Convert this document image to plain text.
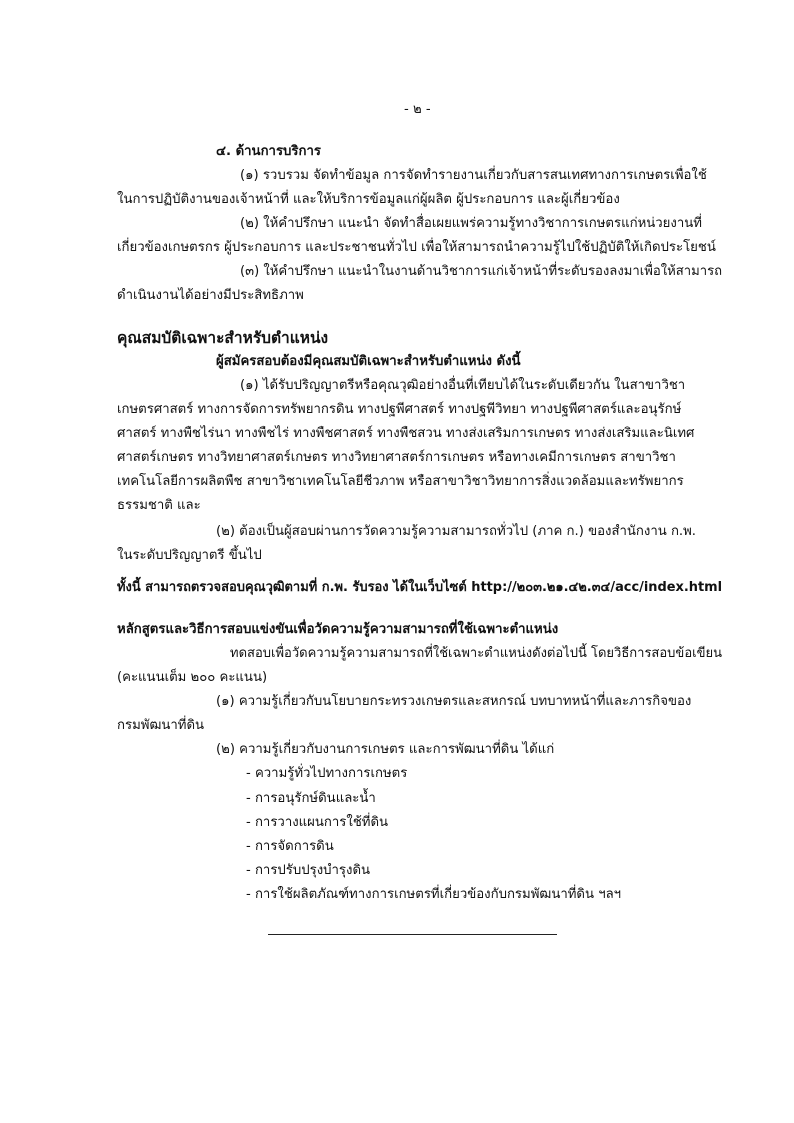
- ๒ -
๔. ด้านการบริการ
(๑) รวบรวม จัดทำข้อมูล การจัดทำรายงานเกี่ยวกับสารสนเทศทางการเกษตรเพื่อใช้
ในการปฏิบัติงานของเจ้าหน้าที่ และให้บริการข้อมูลแก่ผู้ผลิต ผู้ประกอบการ และผู้เกี่ยวข้อง
(๒) ให้คำปรึกษา แนะนำ จัดทำสื่อเผยแพร่ความรู้ทางวิชาการเกษตรแก่หน่วยงานที่
เกี่ยวข้องเกษตรกร ผู้ประกอบการ และประชาชนทั่วไป เพื่อให้สามารถนำความรู้ไปใช้ปฏิบัติให้เกิดประโยชน์
(๓) ให้คำปรึกษา แนะนำในงานด้านวิชาการแก่เจ้าหน้าที่ระดับรองลงมาเพื่อให้สามารถ
ดำเนินงานได้อย่างมีประสิทธิภาพ
คุณสมบัติเฉพาะสำหรับตำแหน่ง
ผู้สมัครสอบต้องมีคุณสมบัติเฉพาะสำหรับตำแหน่ง ดังนี้
(๑) ได้รับปริญญาตรีหรือคุณวุฒิอย่างอื่นที่เทียบได้ในระดับเดียวกัน ในสาขาวิชา
เกษตรศาสตร์ ทางการจัดการทรัพยากรดิน ทางปฐพีศาสตร์ ทางปฐพีวิทยา ทางปฐพีศาสตร์และอนุรักษ์
ศาสตร์ ทางพืชไร่นา ทางพืชไร่ ทางพืชศาสตร์ ทางพืชสวน ทางส่งเสริมการเกษตร ทางส่งเสริมและนิเทศ
ศาสตร์เกษตร ทางวิทยาศาสตร์เกษตร ทางวิทยาศาสตร์การเกษตร หรือทางเคมีการเกษตร สาขาวิชา
เทคโนโลยีการผลิตพืช สาขาวิชาเทคโนโลยีชีวภาพ หรือสาขาวิชาวิทยาการสิ่งแวดล้อมและทรัพยากร
ธรรมชาติ และ
(๒) ต้องเป็นผู้สอบผ่านการวัดความรู้ความสามารถทั่วไป (ภาค ก.) ของสำนักงาน ก.พ.
ในระดับปริญญาตรี ขึ้นไป
ทั้งนี้ สามารถตรวจสอบคุณวุฒิตามที่ ก.พ. รับรอง ได้ในเว็บไซต์ http://๒๐๓.๒๑.๔๒.๓๔/acc/index.html
หลักสูตรและวิธีการสอบแข่งขันเพื่อวัดความรู้ความสามารถที่ใช้เฉพาะตำแหน่ง
ทดสอบเพื่อวัดความรู้ความสามารถที่ใช้เฉพาะตำแหน่งดังต่อไปนี้ โดยวิธีการสอบข้อเขียน
(คะแนนเต็ม ๒๐๐ คะแนน)
(๑) ความรู้เกี่ยวกับนโยบายกระทรวงเกษตรและสหกรณ์ บทบาทหน้าที่และภารกิจของ
กรมพัฒนาที่ดิน
(๒) ความรู้เกี่ยวกับงานการเกษตร และการพัฒนาที่ดิน ได้แก่
- ความรู้ทั่วไปทางการเกษตร
- การอนุรักษ์ดินและน้ำ
- การวางแผนการใช้ที่ดิน
- การจัดการดิน
- การปรับปรุงบำรุงดิน
- การใช้ผลิตภัณฑ์ทางการเกษตรที่เกี่ยวข้องกับกรมพัฒนาที่ดิน ฯลฯ
